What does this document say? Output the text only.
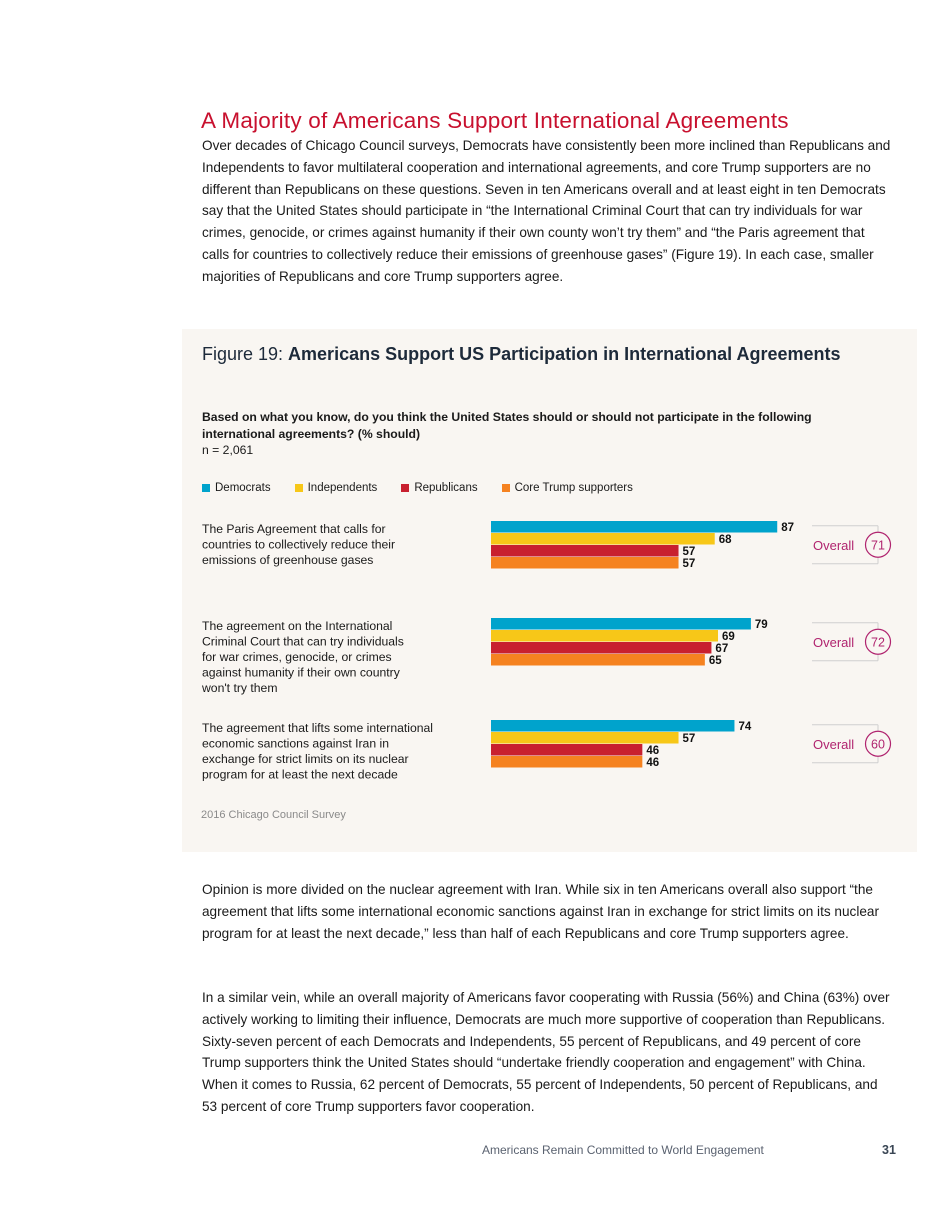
A Majority of Americans Support International Agreements

Over decades of Chicago Council surveys, Democrats have consistently been more inclined than Republicans and Independents to favor multilateral cooperation and international agreements, and core Trump supporters are no different than Republicans on these questions. Seven in ten Americans overall and at least eight in ten Democrats say that the United States should participate in “the International Criminal Court that can try individuals for war crimes, genocide, or crimes against humanity if their own county won’t try them” and “the Paris agreement that calls for countries to collectively reduce their emissions of greenhouse gases” (Figure 19). In each case, smaller majorities of Republicans and core Trump supporters agree.

Figure 19: Americans Support US Participation in International Agreements
Based on what you know, do you think the United States should or should not participate in the following international agreements? (% should)
n = 2,061
Democrats	Independents	Republicans	Core Trump supporters
The Paris Agreement that calls for countries to collectively reduce their emissions of greenhouse gases
87
68
57
57
Overall 71
The agreement on the International Criminal Court that can try individuals for war crimes, genocide, or crimes against humanity if their own country won't try them
79
69
67
65
Overall 72
The agreement that lifts some international economic sanctions against Iran in exchange for strict limits on its nuclear program for at least the next decade
74
57
46
46
Overall 60
2016 Chicago Council Survey

Opinion is more divided on the nuclear agreement with Iran. While six in ten Americans overall also support “the agreement that lifts some international economic sanctions against Iran in exchange for strict limits on its nuclear program for at least the next decade,” less than half of each Republicans and core Trump supporters agree.

In a similar vein, while an overall majority of Americans favor cooperating with Russia (56%) and China (63%) over actively working to limiting their influence, Democrats are much more supportive of cooperation than Republicans. Sixty-seven percent of each Democrats and Independents, 55 percent of Republicans, and 49 percent of core Trump supporters think the United States should “undertake friendly cooperation and engagement” with China. When it comes to Russia, 62 percent of Democrats, 55 percent of Independents, 50 percent of Republicans, and 53 percent of core Trump supporters favor cooperation.

Americans Remain Committed to World Engagement	31
